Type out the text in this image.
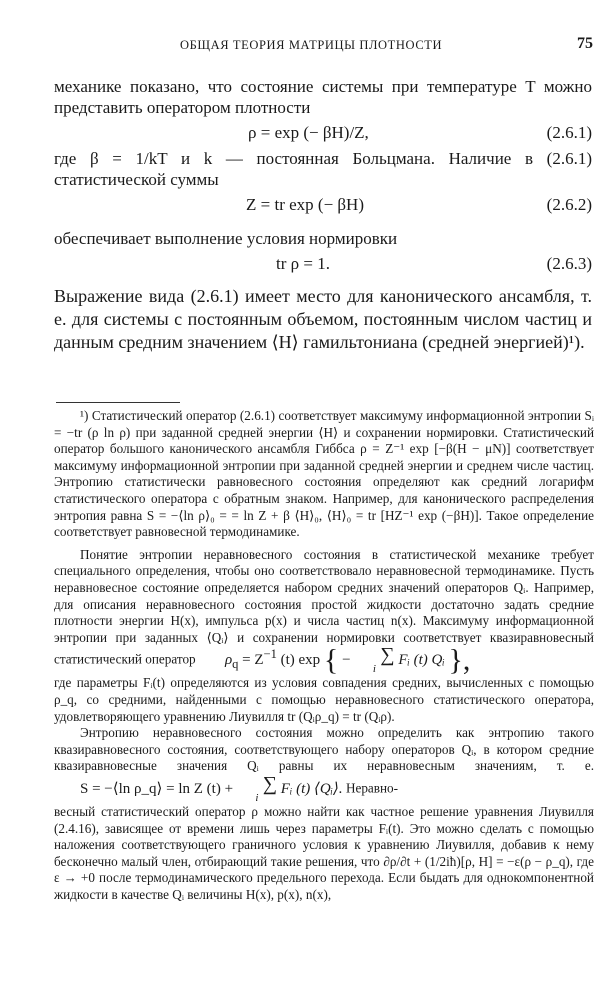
ОБЩАЯ ТЕОРИЯ МАТРИЦЫ ПЛОТНОСТИ	75

механике показано, что состояние системы при температуре T можно представить оператором плотности

ρ = exp (− βH)/Z,	(2.6.1)

где β = 1/kT и k — постоянная Больцмана. Наличие в (2.6.1) статистической суммы

Z = tr exp (− βH)	(2.6.2)

обеспечивает выполнение условия нормировки

tr ρ = 1.	(2.6.3)

Выражение вида (2.6.1) имеет место для канонического ансамбля, т. е. для системы с постоянным объемом, постоянным числом частиц и данным средним значением ⟨H⟩ гамильтониана (средней энергией)¹).

¹) Статистический оператор (2.6.1) соответствует максимуму информационной энтропии Sᵢ = −tr (ρ ln ρ) при заданной средней энергии ⟨H⟩ и сохранении нормировки. Статистический оператор большого канонического ансамбля Гиббса ρ = Z⁻¹ exp [−β(H − μN)] соответствует максимуму информационной энтропии при заданной средней энергии и среднем числе частиц. Энтропию статистически равновесного состояния определяют как средний логарифм статистического оператора с обратным знаком. Например, для канонического распределения энтропия равна S = −⟨ln ρ⟩₀ = = ln Z + β ⟨H⟩₀, ⟨H⟩₀ = tr [HZ⁻¹ exp (−βH)]. Такое определение соответствует равновесной термодинамике.

Понятие энтропии неравновесного состояния в статистической механике требует специального определения, чтобы оно соответствовало неравновесной термодинамике. Пусть неравновесное состояние определяется набором средних значений операторов Qᵢ. Например, для описания неравновесного состояния простой жидкости достаточно задать средние плотности энергии H(x), импульса p(x) и числа частиц n(x). Максимуму информационной энтропии при заданных ⟨Qᵢ⟩ и сохранении нормировки соответствует квазиравновесный статистический оператор $\rho_q = Z^{-1}$ (t) exp { −	∑
i Fᵢ (t) Qᵢ },

где параметры Fᵢ(t) определяются из условия совпадения средних, вычисленных с помощью ρ_q, со средними, найденными с помощью неравновесного статистического оператора, удовлетворяющего уравнению Лиувилля tr (Qᵢρ_q) = tr (Qᵢρ).

Энтропию неравновесного состояния можно определить как энтропию такого квазиравновесного состояния, соответствующего набору операторов Qᵢ, в котором средние квазиравновесные значения Qᵢ равны их неравновесным значениям, т. е. S = −⟨ln ρ_q⟩ = ln Z (t) +	∑
i Fᵢ (t) ⟨Qᵢ⟩. Неравно-

весный статистический оператор ρ можно найти как частное решение уравнения Лиувилля (2.4.16), зависящее от времени лишь через параметры Fᵢ(t). Это можно сделать с помощью наложения соответствующего граничного условия к уравнению Лиувилля, добавив к нему бесконечно малый член, отбирающий такие решения, что ∂ρ/∂t + (1/2iħ)[ρ, H] = −ε(ρ − ρ_q), где ε → +0 после термодинамического предельного перехода. Если быдать для однокомпонентной жидкости в качестве Qᵢ величины H(x), p(x), n(x),
